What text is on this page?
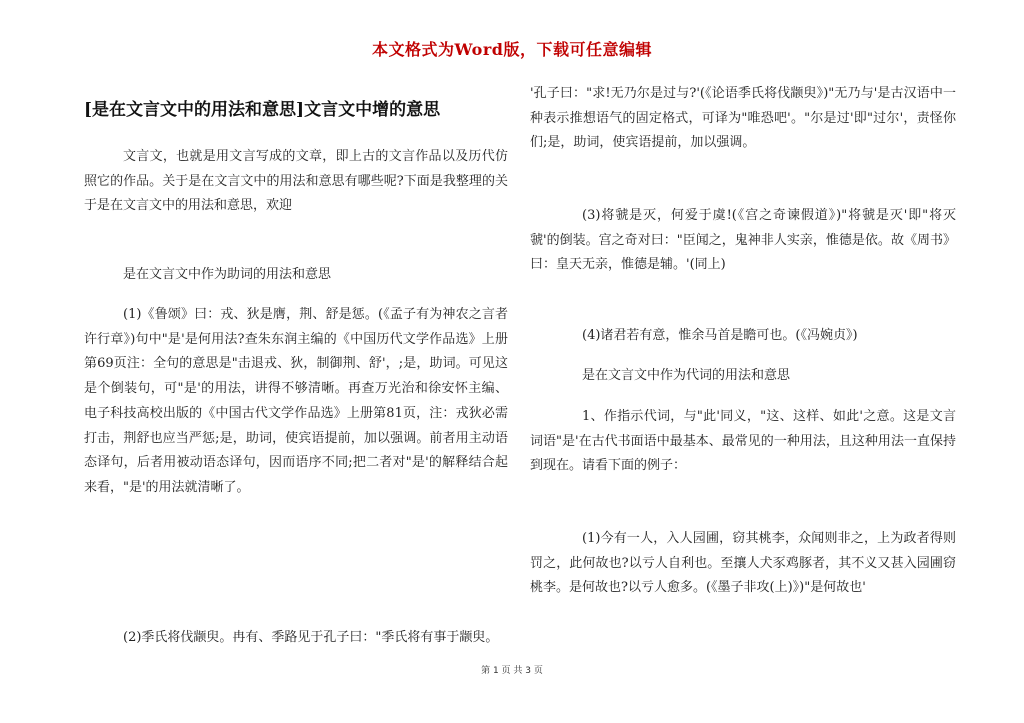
本文格式为Word版，下载可任意编辑
[是在文言文中的用法和意思]文言文中增的意思
文言文，也就是用文言写成的文章，即上古的文言作品以及历代仿照它的作品。关于是在文言文中的用法和意思有哪些呢?下面是我整理的关于是在文言文中的用法和意思，欢迎
是在文言文中作为助词的用法和意思
(1)《鲁颂》曰：戎、狄是膺，荆、舒是惩。(《孟子有为神农之言者许行章》)句中"是'是何用法?查朱东润主编的《中国历代文学作品选》上册第69页注：全句的意思是"击退戎、狄，制御荆、舒'，;是，助词。可见这是个倒装句，可"是'的用法，讲得不够清晰。再查万光治和徐安怀主编、电子科技高校出版的《中国古代文学作品选》上册第81页，注：戎狄必需打击，荆舒也应当严惩;是，助词，使宾语提前，加以强调。前者用主动语态译句，后者用被动语态译句，因而语序不同;把二者对"是'的解释结合起来看，"是'的用法就清晰了。
(2)季氏将伐颛臾。冉有、季路见于孔子曰："季氏将有事于颛臾。
'孔子曰："求!无乃尔是过与?'(《论语季氏将伐颛臾》)"无乃与'是古汉语中一种表示推想语气的固定格式，可译为"唯恐吧'。"尔是过'即"过尔'，责怪你们;是，助词，使宾语提前，加以强调。
(3)将虢是灭，何爱于虞!(《宫之奇谏假道》)"将虢是灭'即"将灭虢'的倒装。宫之奇对曰："臣闻之，鬼神非人实亲，惟德是依。故《周书》曰：皇天无亲，惟德是辅。'(同上)
(4)诸君若有意，惟余马首是瞻可也。(《冯婉贞》)
是在文言文中作为代词的用法和意思
1、作指示代词，与"此'同义，"这、这样、如此'之意。这是文言词语"是'在古代书面语中最基本、最常见的一种用法，且这种用法一直保持到现在。请看下面的例子：
(1)今有一人，入人园圃，窃其桃李，众闻则非之，上为政者得则罚之，此何故也?以亏人自利也。至攘人犬豕鸡豚者，其不义又甚入园圃窃桃李。是何故也?以亏人愈多。(《墨子非攻(上)》)"是何故也'
第 1 页 共 3 页
